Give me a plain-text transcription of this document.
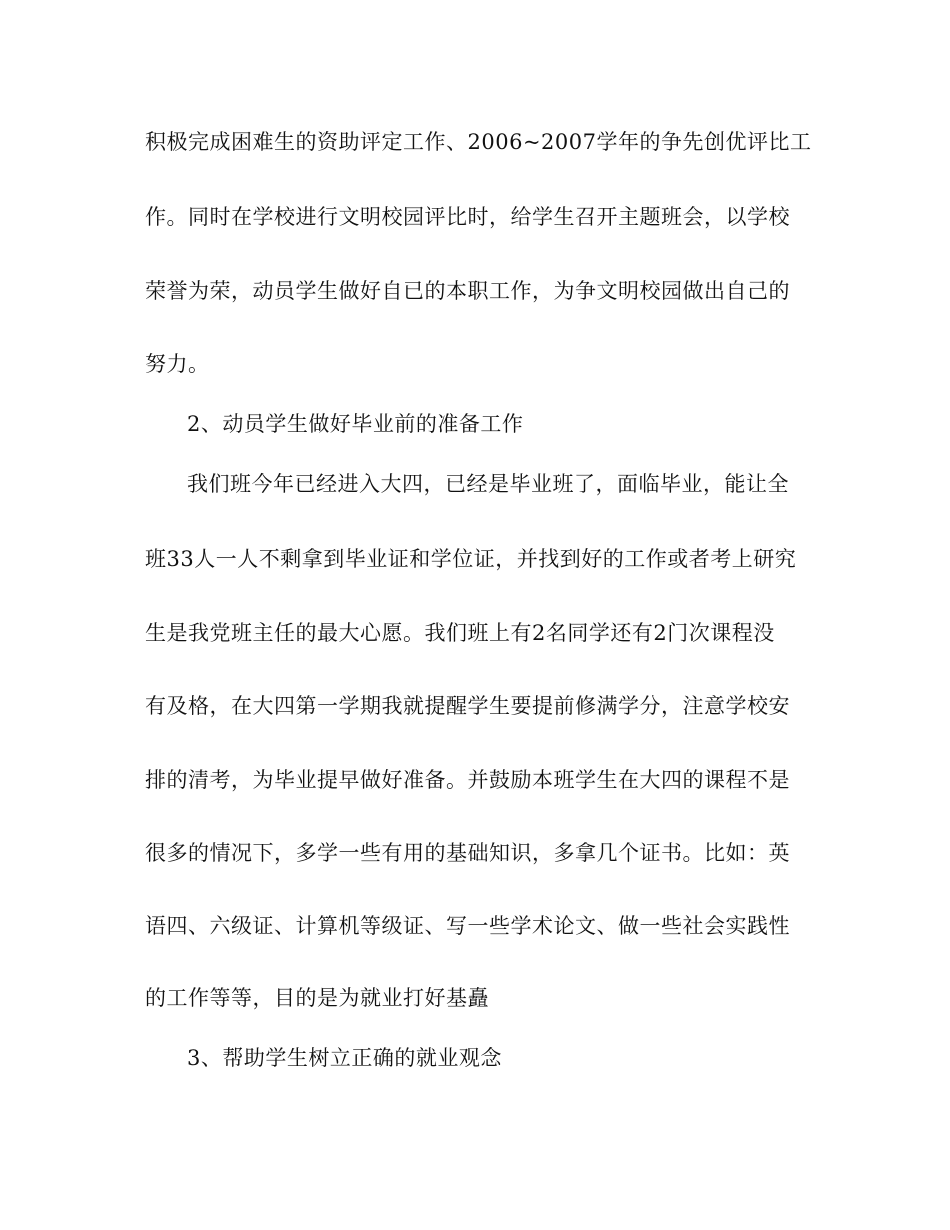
积极完成困难生的资助评定工作、2006~2007学年的争先创优评比工
作。同时在学校进行文明校园评比时，给学生召开主题班会，以学校
荣誉为荣，动员学生做好自已的本职工作，为争文明校园做出自己的
努力。
2、动员学生做好毕业前的准备工作
我们班今年已经进入大四，已经是毕业班了，面临毕业，能让全
班33人一人不剩拿到毕业证和学位证，并找到好的工作或者考上研究
生是我党班主任的最大心愿。我们班上有2名同学还有2门次课程没
有及格，在大四第一学期我就提醒学生要提前修满学分，注意学校安
排的清考，为毕业提早做好准备。并鼓励本班学生在大四的课程不是
很多的情况下，多学一些有用的基础知识，多拿几个证书。比如：英
语四、六级证、计算机等级证、写一些学术论文、做一些社会实践性
的工作等等，目的是为就业打好基矗
3、帮助学生树立正确的就业观念
